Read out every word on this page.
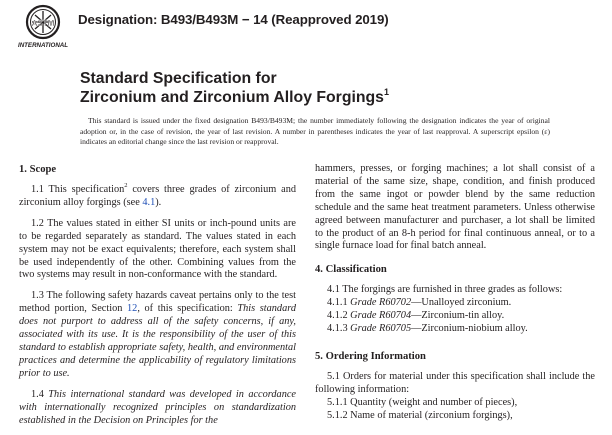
ASTM
INTERNATIONAL
Designation: B493/B493M − 14 (Reapproved 2019)
Standard Specification for
Zirconium and Zirconium Alloy Forgings$^1$
This standard is issued under the fixed designation B493/B493M; the number immediately following the designation indicates the year of original adoption or, in the case of revision, the year of last revision. A number in parentheses indicates the year of last reapproval. A superscript epsilon (ε) indicates an editorial change since the last revision or reapproval.
1. Scope

1.1 This specification$^2$ covers three grades of zirconium and zirconium alloy forgings (see 4.1).

1.2 The values stated in either SI units or inch-pound units are to be regarded separately as standard. The values stated in each system may not be exact equivalents; therefore, each system shall be used independently of the other. Combining values from the two systems may result in non-conformance with the standard.

1.3 The following safety hazards caveat pertains only to the test method portion, Section 12, of this specification: This standard does not purport to address all of the safety concerns, if any, associated with its use. It is the responsibility of the user of this standard to establish appropriate safety, health, and environmental practices and determine the applicability of regulatory limitations prior to use.

1.4 This international standard was developed in accordance with internationally recognized principles on standardization established in the Decision on Principles for the

hammers, presses, or forging machines; a lot shall consist of a material of the same size, shape, condition, and finish produced from the same ingot or powder blend by the same reduction schedule and the same heat treatment parameters. Unless otherwise agreed between manufacturer and purchaser, a lot shall be limited to the product of an 8-h period for final continuous anneal, or to a single furnace load for final batch anneal.

4. Classification

4.1 The forgings are furnished in three grades as follows:

4.1.1 Grade R60702—Unalloyed zirconium.
4.1.2 Grade R60704—Zirconium-tin alloy.
4.1.3 Grade R60705—Zirconium-niobium alloy.
5. Ordering Information

5.1 Orders for material under this specification shall include the following information:

5.1.1 Quantity (weight and number of pieces),
5.1.2 Name of material (zirconium forgings),
